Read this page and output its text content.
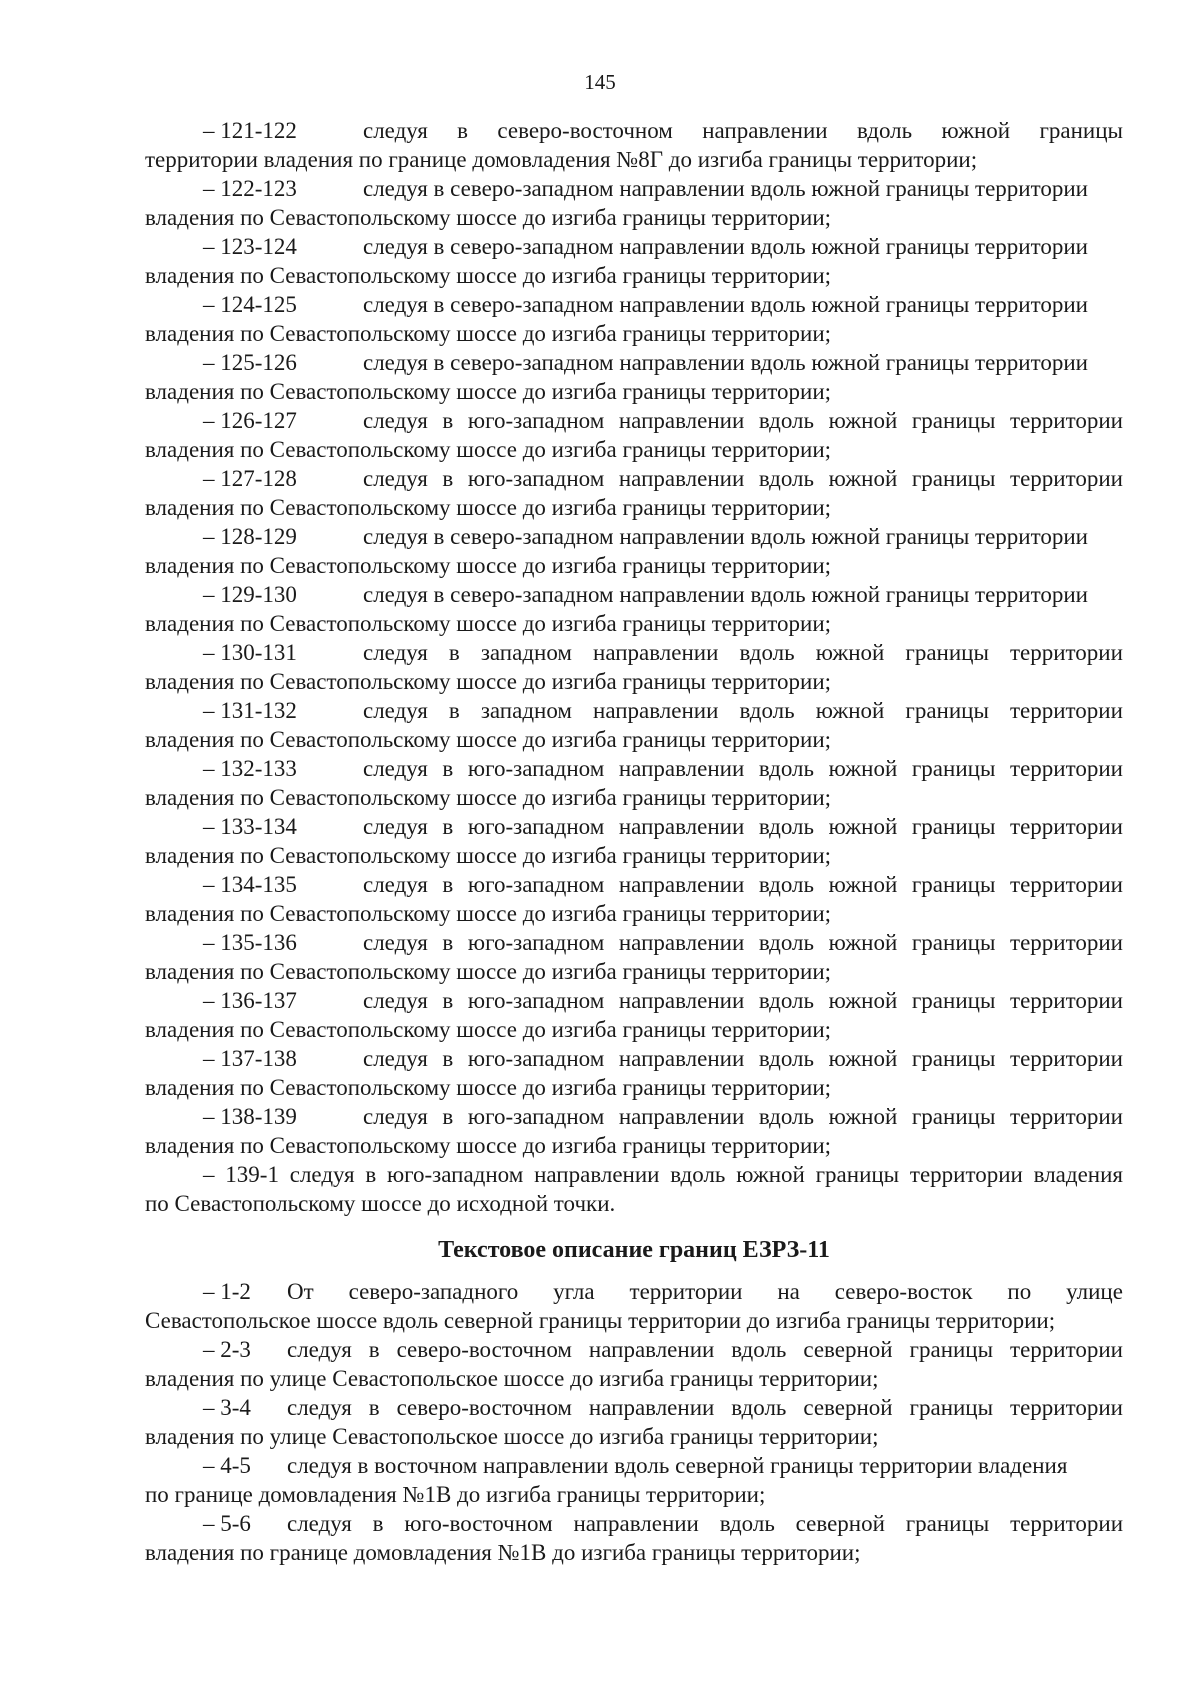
145
– 121-122	следуя в северо-восточном направлении вдоль южной границы
территории владения по границе домовладения №8Г до изгиба границы территории;
– 122-123	следуя в северо-западном направлении вдоль южной границы территории
владения по Севастопольскому шоссе до изгиба границы территории;
– 123-124	следуя в северо-западном направлении вдоль южной границы территории
владения по Севастопольскому шоссе до изгиба границы территории;
– 124-125	следуя в северо-западном направлении вдоль южной границы территории
владения по Севастопольскому шоссе до изгиба границы территории;
– 125-126	следуя в северо-западном направлении вдоль южной границы территории
владения по Севастопольскому шоссе до изгиба границы территории;
– 126-127	следуя в юго-западном направлении вдоль южной границы территории
владения по Севастопольскому шоссе до изгиба границы территории;
– 127-128	следуя в юго-западном направлении вдоль южной границы территории
владения по Севастопольскому шоссе до изгиба границы территории;
– 128-129	следуя в северо-западном направлении вдоль южной границы территории
владения по Севастопольскому шоссе до изгиба границы территории;
– 129-130	следуя в северо-западном направлении вдоль южной границы территории
владения по Севастопольскому шоссе до изгиба границы территории;
– 130-131	следуя в западном направлении вдоль южной границы территории
владения по Севастопольскому шоссе до изгиба границы территории;
– 131-132	следуя в западном направлении вдоль южной границы территории
владения по Севастопольскому шоссе до изгиба границы территории;
– 132-133	следуя в юго-западном направлении вдоль южной границы территории
владения по Севастопольскому шоссе до изгиба границы территории;
– 133-134	следуя в юго-западном направлении вдоль южной границы территории
владения по Севастопольскому шоссе до изгиба границы территории;
– 134-135	следуя в юго-западном направлении вдоль южной границы территории
владения по Севастопольскому шоссе до изгиба границы территории;
– 135-136	следуя в юго-западном направлении вдоль южной границы территории
владения по Севастопольскому шоссе до изгиба границы территории;
– 136-137	следуя в юго-западном направлении вдоль южной границы территории
владения по Севастопольскому шоссе до изгиба границы территории;
– 137-138	следуя в юго-западном направлении вдоль южной границы территории
владения по Севастопольскому шоссе до изгиба границы территории;
– 138-139	следуя в юго-западном направлении вдоль южной границы территории
владения по Севастопольскому шоссе до изгиба границы территории;
– 139-1 следуя в юго-западном направлении вдоль южной границы территории владения
по Севастопольскому шоссе до исходной точки.
Текстовое описание границ ЕЗРЗ-11
– 1-2	От северо-западного угла территории на северо-восток по улице
Севастопольское шоссе вдоль северной границы территории до изгиба границы территории;
– 2-3	следуя в северо-восточном направлении вдоль северной границы территории
владения по улице Севастопольское шоссе до изгиба границы территории;
– 3-4	следуя в северо-восточном направлении вдоль северной границы территории
владения по улице Севастопольское шоссе до изгиба границы территории;
– 4-5	следуя в восточном направлении вдоль северной границы территории владения
по границе домовладения №1В до изгиба границы территории;
– 5-6	следуя в юго-восточном направлении вдоль северной границы территории
владения по границе домовладения №1В до изгиба границы территории;
